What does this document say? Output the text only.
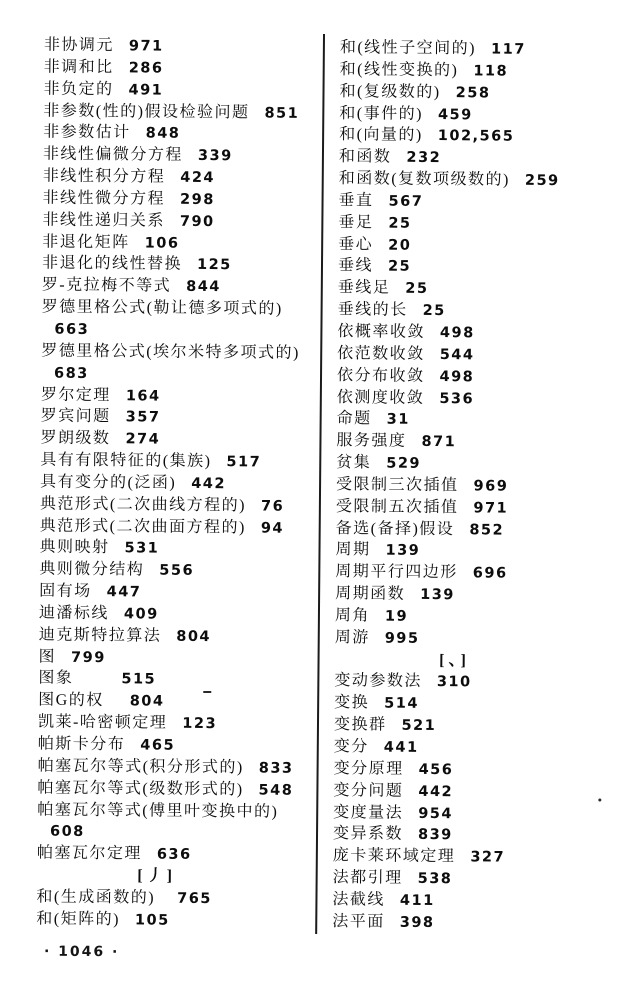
非协调元 971
非调和比 286
非负定的 491
非参数(性的)假设检验问题 851
非参数估计 848
非线性偏微分方程 339
非线性积分方程 424
非线性微分方程 298
非线性递归关系 790
非退化矩阵 106
非退化的线性替换 125
罗-克拉梅不等式 844
罗德里格公式(勒让德多项式的)
663
罗德里格公式(埃尔米特多项式的)
683
罗尔定理 164
罗宾问题 357
罗朗级数 274
具有有限特征的(集族) 517
具有变分的(泛函) 442
典范形式(二次曲线方程的) 76
典范形式(二次曲面方程的) 94
典则映射 531
典则微分结构 556
固有场 447
迪潘标线 409
迪克斯特拉算法 804
图 799
图象	515
图G的权 804
凯莱-哈密顿定理 123
帕斯卡分布 465
帕塞瓦尔等式(积分形式的) 833
帕塞瓦尔等式(级数形式的) 548
帕塞瓦尔等式(傅里叶变换中的)
608
帕塞瓦尔定理 636
[丿]
和(生成函数的) 765
和(矩阵的) 105
和(线性子空间的) 117
和(线性变换的) 118
和(复级数的) 258
和(事件的) 459
和(向量的) 102,565
和函数 232
和函数(复数项级数的) 259
垂直 567
垂足 25
垂心 20
垂线 25
垂线足 25
垂线的长 25
依概率收敛 498
依范数收敛 544
依分布收敛 498
依测度收敛 536
命题 31
服务强度 871
贫集 529
受限制三次插值 969
受限制五次插值 971
备选(备择)假设 852
周期 139
周期平行四边形 696
周期函数 139
周角 19
周游 995
[、]
变动参数法 310
变换 514
变换群 521
变分 441
变分原理 456
变分问题 442
变度量法 954
变异系数 839
庞卡莱环域定理 327
法都引理 538
法截线 411
法平面 398
· 1046 ·
